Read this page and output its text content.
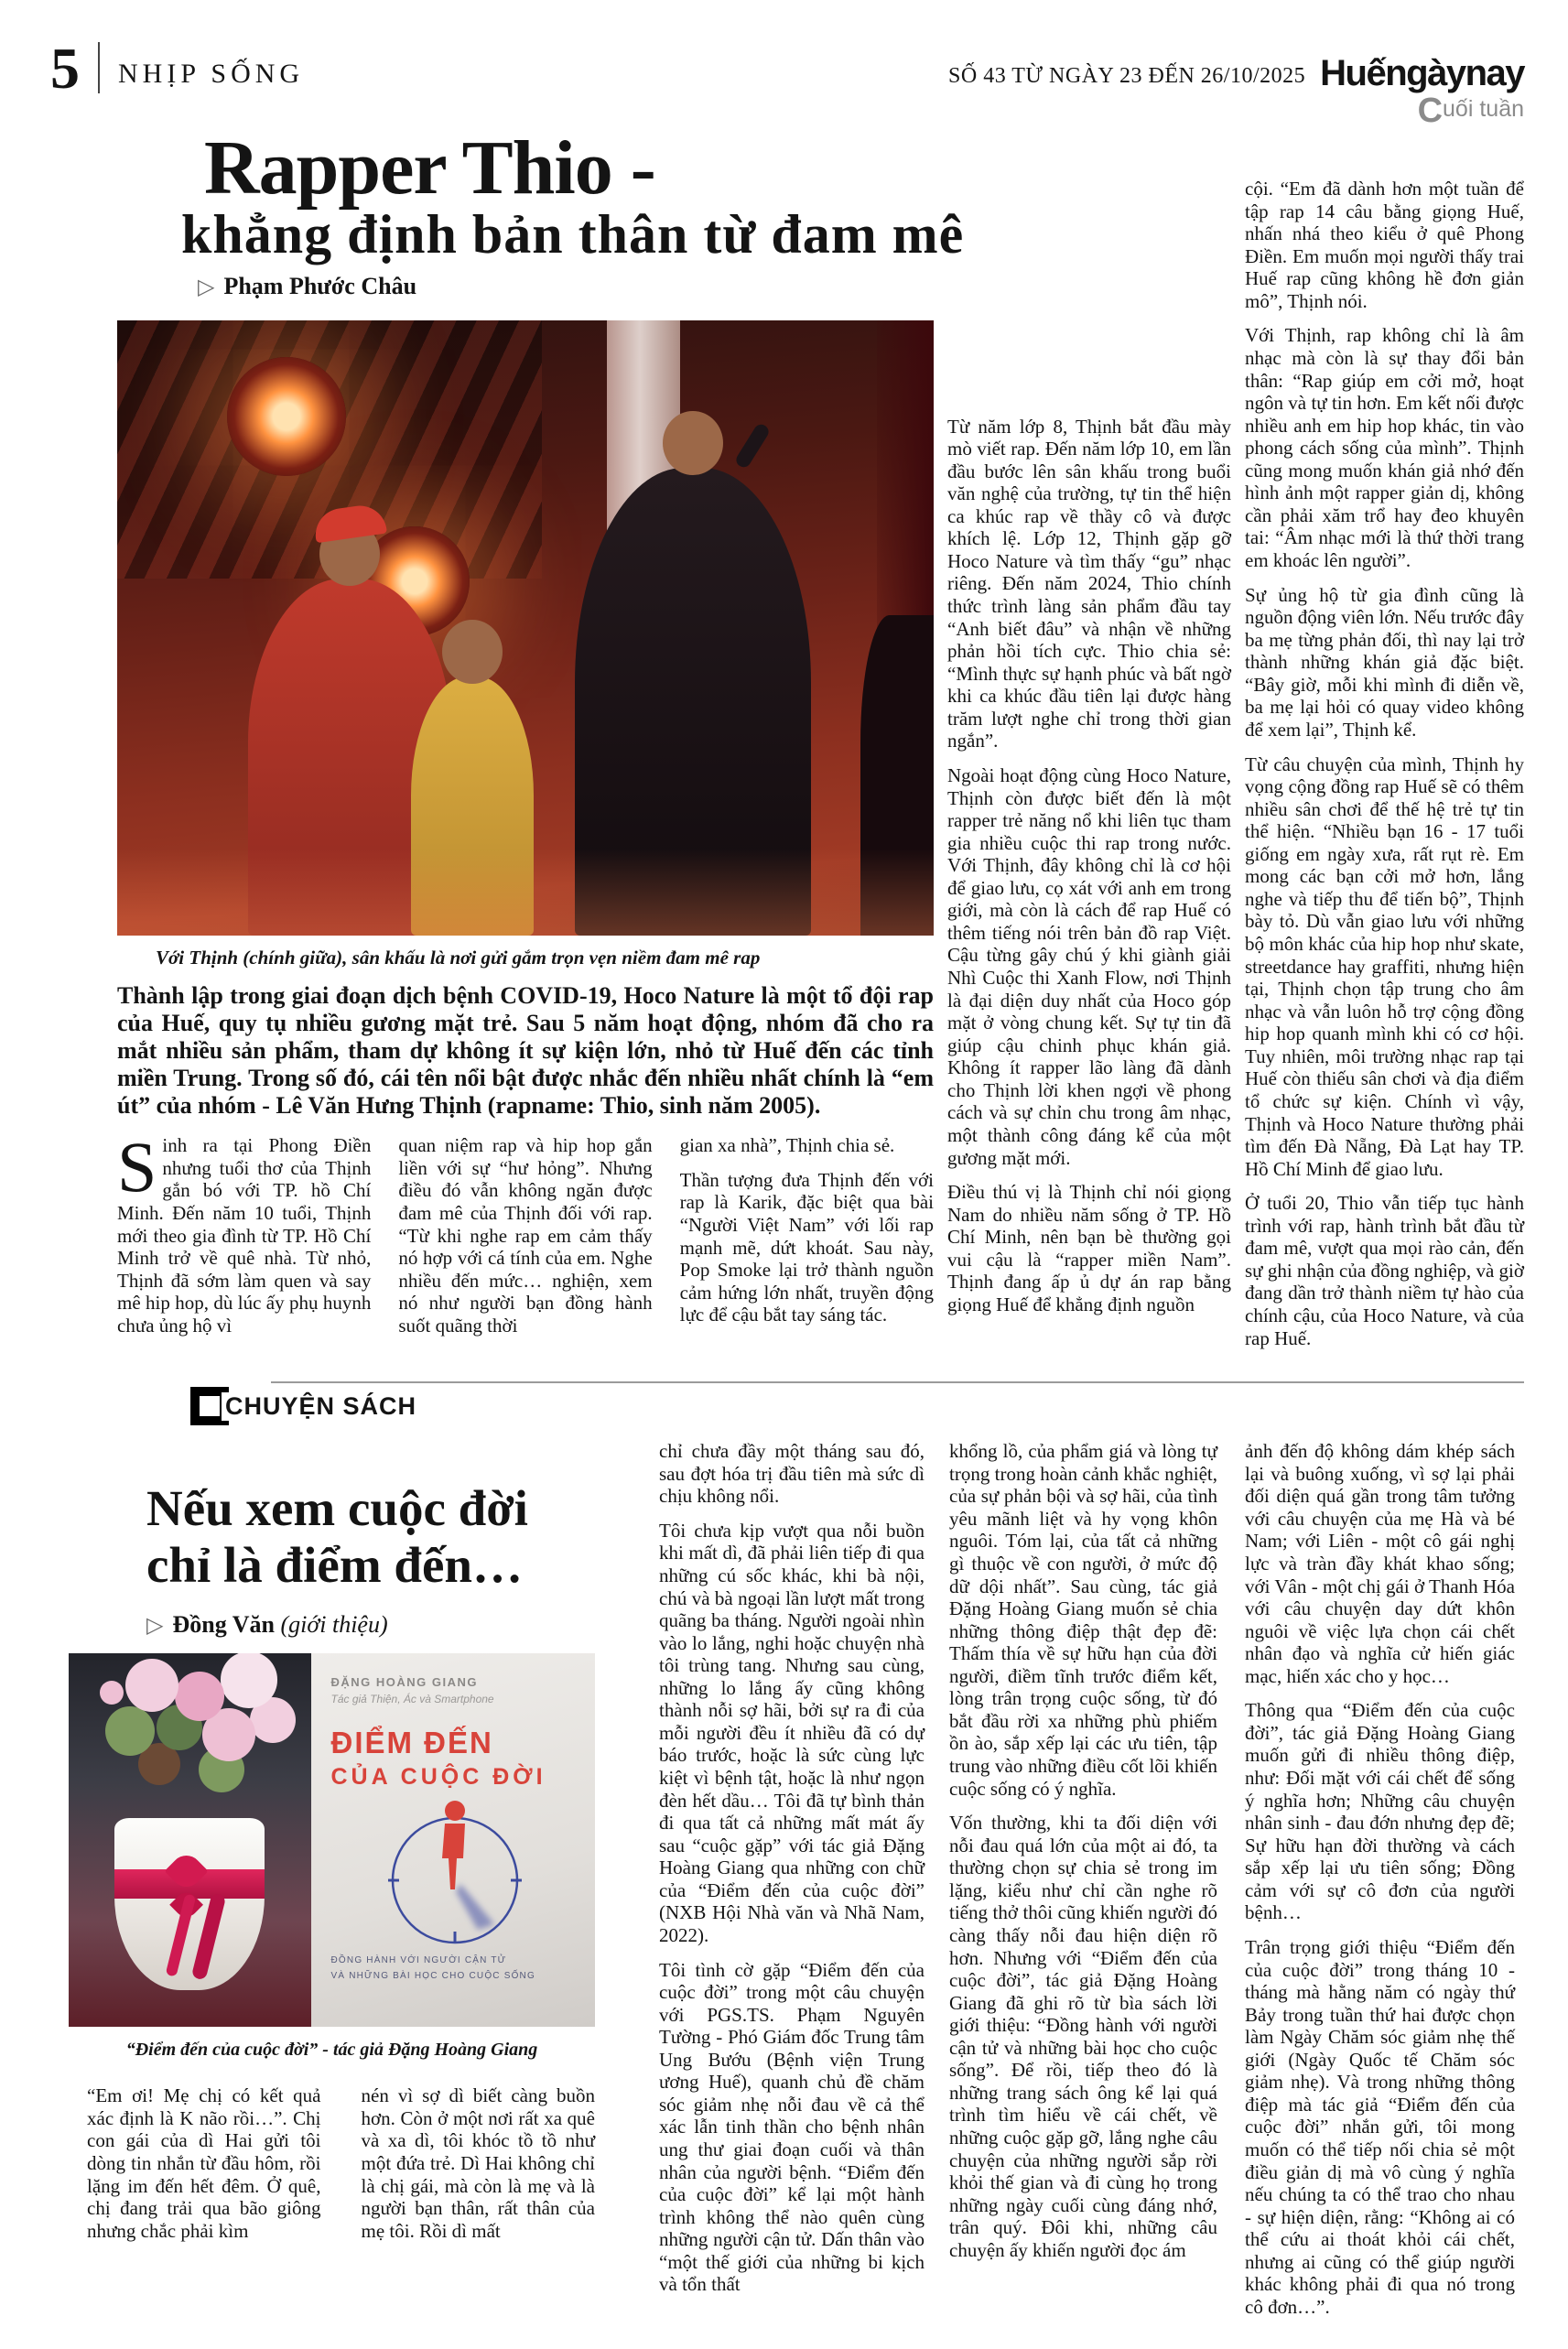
5 NHỊP SỐNG	SỐ 43 TỪ NGÀY 23 ĐẾN 26/10/2025 Huếngàynay
Cuối tuần
Rapper Thio -
khẳng định bản thân từ đam mê
▷ Phạm Phước Châu
Với Thịnh (chính giữa), sân khấu là nơi gửi gắm trọn vẹn niềm đam mê rap

Thành lập trong giai đoạn dịch bệnh COVID-19, Hoco Nature là một tổ đội rap của Huế, quy tụ nhiều gương mặt trẻ. Sau 5 năm hoạt động, nhóm đã cho ra mắt nhiều sản phẩm, tham dự không ít sự kiện lớn, nhỏ từ Huế đến các tỉnh miền Trung. Trong số đó, cái tên nổi bật được nhắc đến nhiều nhất chính là “em út” của nhóm - Lê Văn Hưng Thịnh (rapname: Thio, sinh năm 2005).

Sinh ra tại Phong Điền nhưng tuổi thơ của Thịnh gắn bó với TP. hồ Chí Minh. Đến năm 10 tuổi, Thịnh mới theo gia đình từ TP. Hồ Chí Minh trở về quê nhà. Từ nhỏ, Thịnh đã sớm làm quen và say mê hip hop, dù lúc ấy phụ huynh chưa ủng hộ vì

quan niệm rap và hip hop gắn liền với sự “hư hỏng”. Nhưng điều đó vẫn không ngăn được đam mê của Thịnh đối với rap. “Từ khi nghe rap em cảm thấy nó hợp với cá tính của em. Nghe nhiều đến mức… nghiện, xem nó như người bạn đồng hành suốt quãng thời

gian xa nhà”, Thịnh chia sẻ.

Thần tượng đưa Thịnh đến với rap là Karik, đặc biệt qua bài “Người Việt Nam” với lối rap mạnh mẽ, dứt khoát. Sau này, Pop Smoke lại trở thành nguồn cảm hứng lớn nhất, truyền động lực để cậu bắt tay sáng tác.

Từ năm lớp 8, Thịnh bắt đầu mày mò viết rap. Đến năm lớp 10, em lần đầu bước lên sân khấu trong buổi văn nghệ của trường, tự tin thể hiện ca khúc rap về thầy cô và được khích lệ. Lớp 12, Thịnh gặp gỡ Hoco Nature và tìm thấy “gu” nhạc riêng. Đến năm 2024, Thio chính thức trình làng sản phẩm đầu tay “Anh biết đâu” và nhận về những phản hồi tích cực. Thio chia sẻ: “Mình thực sự hạnh phúc và bất ngờ khi ca khúc đầu tiên lại được hàng trăm lượt nghe chỉ trong thời gian ngắn”.

Ngoài hoạt động cùng Hoco Nature, Thịnh còn được biết đến là một rapper trẻ năng nổ khi liên tục tham gia nhiều cuộc thi rap trong nước. Với Thịnh, đây không chỉ là cơ hội để giao lưu, cọ xát với anh em trong giới, mà còn là cách để rap Huế có thêm tiếng nói trên bản đồ rap Việt. Cậu từng gây chú ý khi giành giải Nhì Cuộc thi Xanh Flow, nơi Thịnh là đại diện duy nhất của Hoco góp mặt ở vòng chung kết. Sự tự tin đã giúp cậu chinh phục khán giả. Không ít rapper lão làng đã dành cho Thịnh lời khen ngợi về phong cách và sự chỉn chu trong âm nhạc, một thành công đáng kể của một gương mặt mới.

Điều thú vị là Thịnh chỉ nói giọng Nam do nhiều năm sống ở TP. Hồ Chí Minh, nên bạn bè thường gọi vui cậu là “rapper miền Nam”. Thịnh đang ấp ủ dự án rap bằng giọng Huế để khẳng định nguồn

cội. “Em đã dành hơn một tuần để tập rap 14 câu bằng giọng Huế, nhấn nhá theo kiểu ở quê Phong Điền. Em muốn mọi người thấy trai Huế rap cũng không hề đơn giản mô”, Thịnh nói.

Với Thịnh, rap không chỉ là âm nhạc mà còn là sự thay đổi bản thân: “Rap giúp em cởi mở, hoạt ngôn và tự tin hơn. Em kết nối được nhiều anh em hip hop khác, tin vào phong cách sống của mình”. Thịnh cũng mong muốn khán giả nhớ đến hình ảnh một rapper giản dị, không cần phải xăm trổ hay đeo khuyên tai: “Âm nhạc mới là thứ thời trang em khoác lên người”.

Sự ủng hộ từ gia đình cũng là nguồn động viên lớn. Nếu trước đây ba mẹ từng phản đối, thì nay lại trở thành những khán giả đặc biệt. “Bây giờ, mỗi khi mình đi diễn về, ba mẹ lại hỏi có quay video không để xem lại”, Thịnh kể.

Từ câu chuyện của mình, Thịnh hy vọng cộng đồng rap Huế sẽ có thêm nhiều sân chơi để thế hệ trẻ tự tin thể hiện. “Nhiều bạn 16 - 17 tuổi giống em ngày xưa, rất rụt rè. Em mong các bạn cởi mở hơn, lắng nghe và tiếp thu để tiến bộ”, Thịnh bày tỏ. Dù vẫn giao lưu với những bộ môn khác của hip hop như skate, streetdance hay graffiti, nhưng hiện tại, Thịnh chọn tập trung cho âm nhạc và vẫn luôn hỗ trợ cộng đồng hip hop quanh mình khi có cơ hội. Tuy nhiên, môi trường nhạc rap tại Huế còn thiếu sân chơi và địa điểm tổ chức sự kiện. Chính vì vậy, Thịnh và Hoco Nature thường phải tìm đến Đà Nẵng, Đà Lạt hay TP. Hồ Chí Minh để giao lưu.

Ở tuổi 20, Thio vẫn tiếp tục hành trình với rap, hành trình bắt đầu từ đam mê, vượt qua mọi rào cản, đến sự ghi nhận của đồng nghiệp, và giờ đang dần trở thành niềm tự hào của chính cậu, của Hoco Nature, và của rap Huế.

CHUYỆN SÁCH
Nếu xem cuộc đời
chỉ là điểm đến…
▷ Đồng Văn (giới thiệu)
ĐẶNG HOÀNG GIANG
Tác giả Thiện, Ác và Smartphone
ĐIỂM ĐẾN
CỦA CUỘC ĐỜI
ĐỒNG HÀNH VỚI NGƯỜI CẬN TỬ
VÀ NHỮNG BÀI HỌC CHO CUỘC SỐNG
“Điểm đến của cuộc đời” - tác giả Đặng Hoàng Giang

“Em ơi! Mẹ chị có kết quả xác định là K não rồi…”. Chị con gái của dì Hai gửi tôi dòng tin nhắn từ đầu hôm, rồi lặng im đến hết đêm. Ở quê, chị đang trải qua bão giông nhưng chắc phải kìm

nén vì sợ dì biết càng buồn hơn. Còn ở một nơi rất xa quê và xa dì, tôi khóc tồ tồ như một đứa trẻ. Dì Hai không chỉ là chị gái, mà còn là mẹ và là người bạn thân, rất thân của mẹ tôi. Rồi dì mất

chỉ chưa đầy một tháng sau đó, sau đợt hóa trị đầu tiên mà sức dì chịu không nổi.

Tôi chưa kịp vượt qua nỗi buồn khi mất dì, đã phải liên tiếp đi qua những cú sốc khác, khi bà nội, chú và bà ngoại lần lượt mất trong quãng ba tháng. Người ngoài nhìn vào lo lắng, nghi hoặc chuyện nhà tôi trùng tang. Nhưng sau cùng, những lo lắng ấy cũng không thành nỗi sợ hãi, bởi sự ra đi của mỗi người đều ít nhiều đã có dự báo trước, hoặc là sức cùng lực kiệt vì bệnh tật, hoặc là như ngọn đèn hết dầu… Tôi đã tự bình thản đi qua tất cả những mất mát ấy sau “cuộc gặp” với tác giả Đặng Hoàng Giang qua những con chữ của “Điểm đến của cuộc đời” (NXB Hội Nhà văn và Nhã Nam, 2022).

Tôi tình cờ gặp “Điểm đến của cuộc đời” trong một câu chuyện với PGS.TS. Phạm Nguyên Tường - Phó Giám đốc Trung tâm Ung Bướu (Bệnh viện Trung ương Huế), quanh chủ đề chăm sóc giảm nhẹ nỗi đau về cả thể xác lẫn tinh thần cho bệnh nhân ung thư giai đoạn cuối và thân nhân của người bệnh. “Điểm đến của cuộc đời” kể lại một hành trình không thể nào quên cùng những người cận tử. Dấn thân vào “một thế giới của những bi kịch và tổn thất

khổng lồ, của phẩm giá và lòng tự trọng trong hoàn cảnh khắc nghiệt, của sự phản bội và sợ hãi, của tình yêu mãnh liệt và hy vọng khôn nguôi. Tóm lại, của tất cả những gì thuộc về con người, ở mức độ dữ dội nhất”. Sau cùng, tác giả Đặng Hoàng Giang muốn sẻ chia những thông điệp thật đẹp đẽ: Thấm thía về sự hữu hạn của đời người, điềm tĩnh trước điểm kết, lòng trân trọng cuộc sống, từ đó bắt đầu rời xa những phù phiếm ồn ào, sắp xếp lại các ưu tiên, tập trung vào những điều cốt lõi khiến cuộc sống có ý nghĩa.

Vốn thường, khi ta đối diện với nỗi đau quá lớn của một ai đó, ta thường chọn sự chia sẻ trong im lặng, kiểu như chỉ cần nghe rõ tiếng thở thôi cũng khiến người đó càng thấy nỗi đau hiện diện rõ hơn. Nhưng với “Điểm đến của cuộc đời”, tác giả Đặng Hoàng Giang đã ghi rõ từ bìa sách lời giới thiệu: “Đồng hành với người cận tử và những bài học cho cuộc sống”. Để rồi, tiếp theo đó là những trang sách ông kể lại quá trình tìm hiểu về cái chết, về những cuộc gặp gỡ, lắng nghe câu chuyện của những người sắp rời khỏi thế gian và đi cùng họ trong những ngày cuối cùng đáng nhớ, trân quý. Đôi khi, những câu chuyện ấy khiến người đọc ám

ảnh đến độ không dám khép sách lại và buông xuống, vì sợ lại phải đối diện quá gần trong tâm tưởng với câu chuyện của mẹ Hà và bé Nam; với Liên - một cô gái nghị lực và tràn đầy khát khao sống; với Vân - một chị gái ở Thanh Hóa với câu chuyện day dứt khôn nguôi về việc lựa chọn cái chết nhân đạo và nghĩa cử hiến giác mạc, hiến xác cho y học…

Thông qua “Điểm đến của cuộc đời”, tác giả Đặng Hoàng Giang muốn gửi đi nhiều thông điệp, như: Đối mặt với cái chết để sống ý nghĩa hơn; Những câu chuyện nhân sinh - đau đớn nhưng đẹp đẽ; Sự hữu hạn đời thường và cách sắp xếp lại ưu tiên sống; Đồng cảm với sự cô đơn của người bệnh…

Trân trọng giới thiệu “Điểm đến của cuộc đời” trong tháng 10 - tháng mà hằng năm có ngày thứ Bảy trong tuần thứ hai được chọn làm Ngày Chăm sóc giảm nhẹ thế giới (Ngày Quốc tế Chăm sóc giảm nhẹ). Và trong những thông điệp mà tác giả “Điểm đến của cuộc đời” nhắn gửi, tôi mong muốn có thể tiếp nối chia sẻ một điều giản dị mà vô cùng ý nghĩa nếu chúng ta có thể trao cho nhau - sự hiện diện, rằng: “Không ai có thể cứu ai thoát khỏi cái chết, nhưng ai cũng có thể giúp người khác không phải đi qua nó trong cô đơn…”.
